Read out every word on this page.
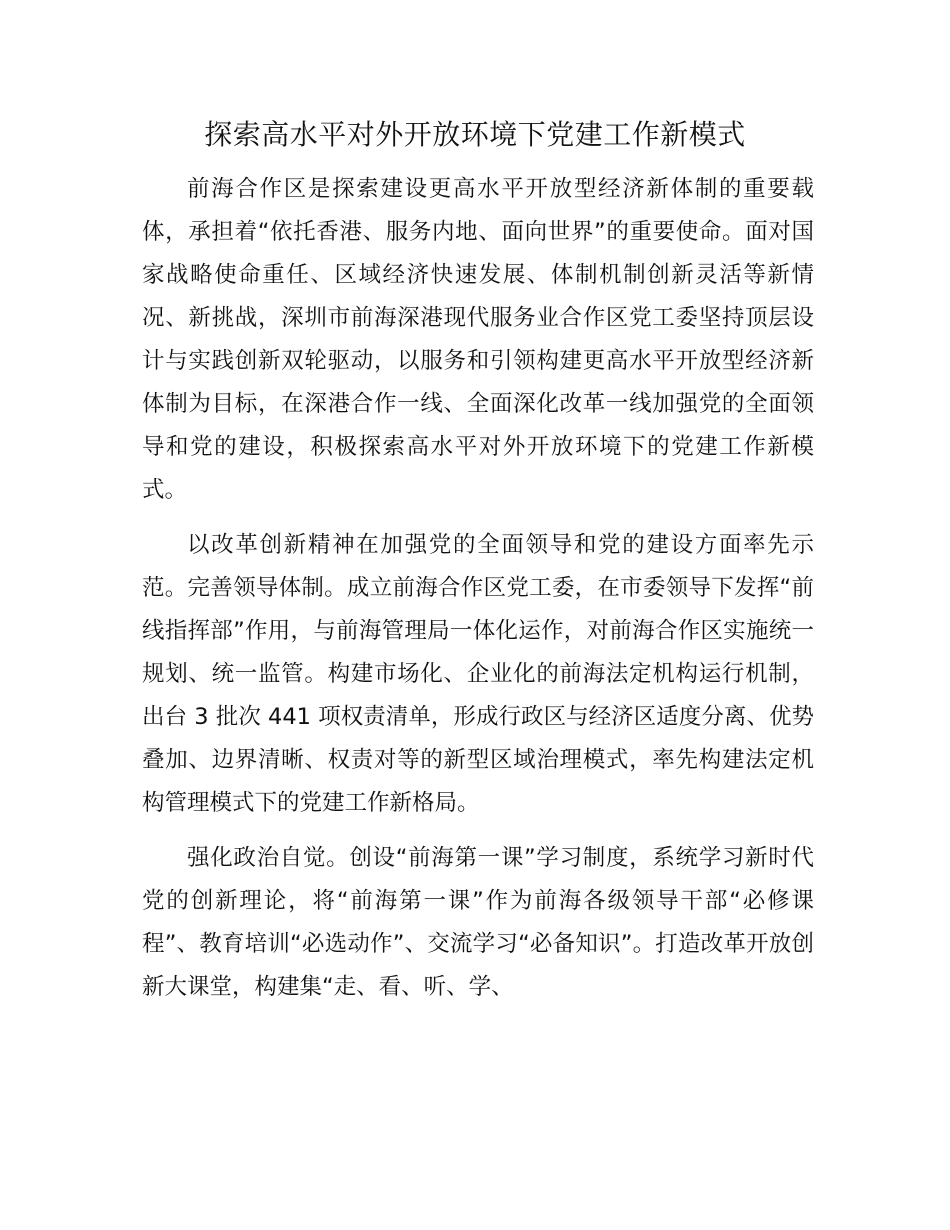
探索高水平对外开放环境下党建工作新模式

前海合作区是探索建设更高水平开放型经济新体制的重要载体，承担着“依托香港、服务内地、面向世界”的重要使命。面对国家战略使命重任、区域经济快速发展、体制机制创新灵活等新情况、新挑战，深圳市前海深港现代服务业合作区党工委坚持顶层设计与实践创新双轮驱动，以服务和引领构建更高水平开放型经济新体制为目标，在深港合作一线、全面深化改革一线加强党的全面领导和党的建设，积极探索高水平对外开放环境下的党建工作新模式。

以改革创新精神在加强党的全面领导和党的建设方面率先示范。完善领导体制。成立前海合作区党工委，在市委领导下发挥“前线指挥部”作用，与前海管理局一体化运作，对前海合作区实施统一规划、统一监管。构建市场化、企业化的前海法定机构运行机制，出台 3 批次 441 项权责清单，形成行政区与经济区适度分离、优势叠加、边界清晰、权责对等的新型区域治理模式，率先构建法定机构管理模式下的党建工作新格局。

强化政治自觉。创设“前海第一课”学习制度，系统学习新时代党的创新理论，将“前海第一课”作为前海各级领导干部“必修课程”、教育培训“必选动作”、交流学习“必备知识”。打造改革开放创新大课堂，构建集“走、看、听、学、
